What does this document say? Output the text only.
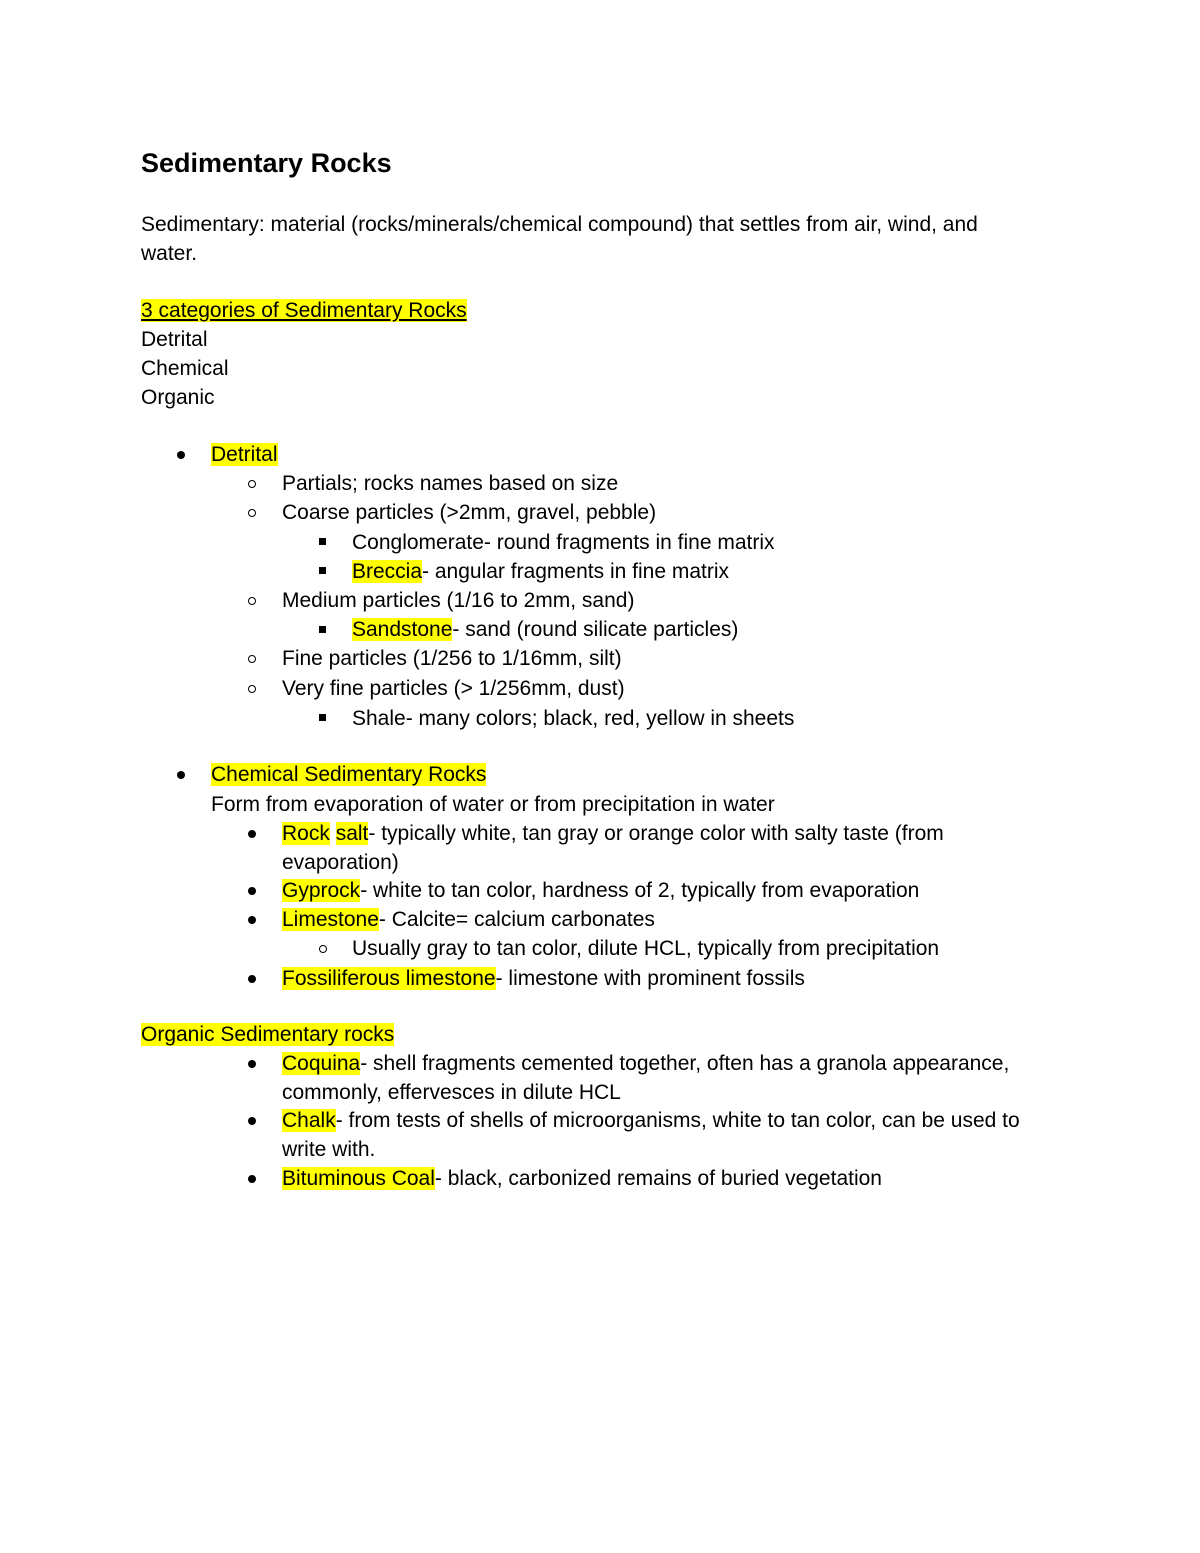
Sedimentary Rocks
Sedimentary: material (rocks/minerals/chemical compound) that settles from air, wind, and
water.
3 categories of Sedimentary Rocks
Detrital
Chemical
Organic
Detrital
Partials; rocks names based on size
Coarse particles (>2mm, gravel, pebble)
Conglomerate- round fragments in fine matrix
Breccia- angular fragments in fine matrix
Medium particles (1/16 to 2mm, sand)
Sandstone- sand (round silicate particles)
Fine particles (1/256 to 1/16mm, silt)
Very fine particles (> 1/256mm, dust)
Shale- many colors; black, red, yellow in sheets
Chemical Sedimentary Rocks
Form from evaporation of water or from precipitation in water
Rock salt- typically white, tan gray or orange color with salty taste (from
evaporation)
Gyprock- white to tan color, hardness of 2, typically from evaporation
Limestone- Calcite= calcium carbonates
Usually gray to tan color, dilute HCL, typically from precipitation
Fossiliferous limestone- limestone with prominent fossils
Organic Sedimentary rocks
Coquina- shell fragments cemented together, often has a granola appearance,
commonly, effervesces in dilute HCL
Chalk- from tests of shells of microorganisms, white to tan color, can be used to
write with.
Bituminous Coal- black, carbonized remains of buried vegetation
